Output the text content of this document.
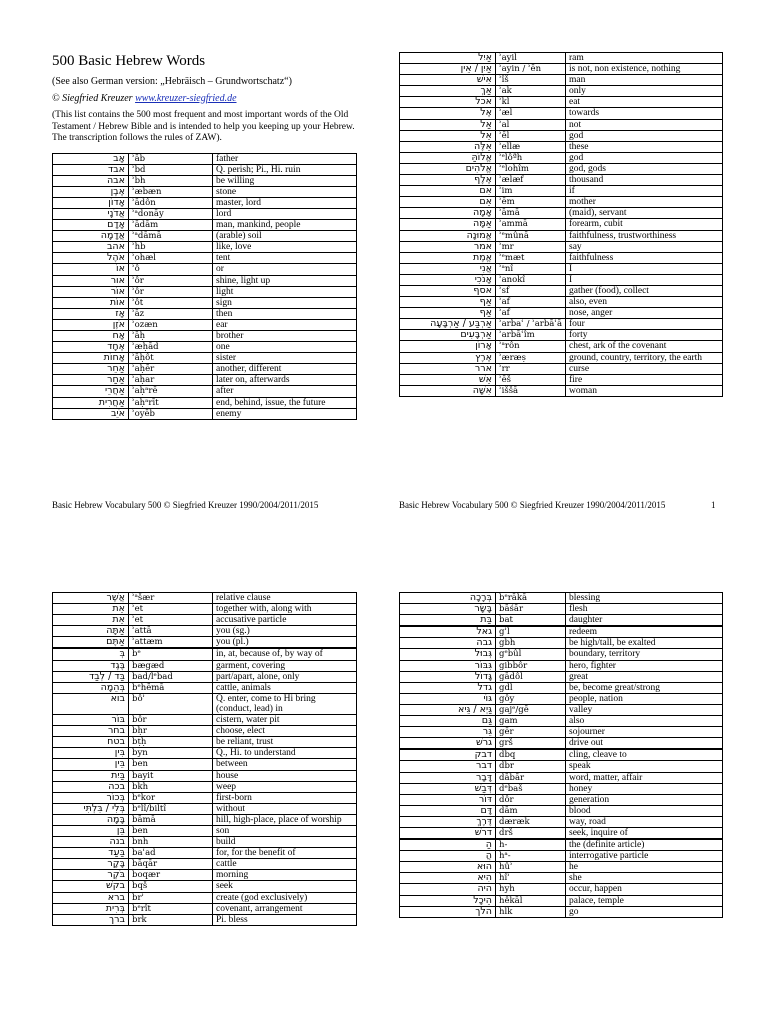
500 Basic Hebrew Words
(See also German version: „Hebräisch – Grundwortschatz“)
© Siegfried Kreuzer www.kreuzer-siegfried.de
(This list contains the 500 most frequent and most important words of the Old Testament / Hebrew Bible and is intended to help you keeping up your Hebrew. The transcription follows the rules of ZAW).
אָב	ʾāb	father
אבד	ʾbd	Q. perish; Pi., Hi. ruin
אבה	ʾbh	be willing
אֶבֶן	ʾæbæn	stone
אָדוֹן	ʾādôn	master, lord
אֲדֹנָי	ʾᵃdonāy	lord
אָדָם	ʾādām	man, mankind, people
אֲדָמָה	ʾᵃdāmā	(arable) soil
אהב	ʾhb	like, love
אֹהֶל	ʾohæl	tent
אוֹ	ʾô	or
אור	ʾôr	shine, light up
אוֹר	ʾôr	light
אוֹת	ʾôt	sign
אָז	ʾāz	then
אֹזֶן	ʾozæn	ear
אָח	ʾāḥ	brother
אֶחָד	ʾæḥād	one
אָחוֹת	ʾāḥôt	sister
אַחֵר	ʾaḥēr	another, different
אַחַר	ʾaḥar	later on, afterwards
אַחֲרֵי	ʾaḥᵃrē	after
אַחֲרִית	ʾaḥᵃrīt	end, behind, issue, the future
אֹיֵב	ʾoyēb	enemy
אַיִל	ʾayil	ram
אַיִן / אֵין	ʾayin / ʾēn	is not, non existence, nothing
אִישׁ	ʾîš	man
אַךְ	ʾak	only
אכל	ʾkl	eat
אֶל	ʾæl	towards
אַל	ʾal	not
אֵל	ʾēl	god
אֵלֶּה	ʾellæ	these
אֱלוֹהַּ	ʾᵉlôªh	god
אֱלֹהִים	ʾᵉlohîm	god, gods
אֶלֶף	ʾælæf	thousand
אִם	ʾim	if
אֵם	ʾēm	mother
אָמָה	ʾāmā	(maid), servant
אַמָּה	ʾammā	forearm, cubit
אֱמוּנָה	ʾᵉmûnā	faithfulness, trustworthiness
אמר	ʾmr	say
אֱמֶת	ʾᵉmæt	faithfulness
אֲנִי	ʾᵃnî	I
אָנֹכִי	ʾanokî	I
אסף	ʾsf	gather (food), collect
אַף	ʾaf	also, even
אַף	ʾaf	nose, anger
אַרְבַּע / אַרְבָּעָה	ʾarbaʿ / ʾarbāʿā	four
אַרְבָּעִים	ʾarbāʿîm	forty
אָרוֹן	ʾᵃrôn	chest, ark of the covenant
אֶרֶץ	ʾæræṣ	ground, country, territory, the earth
ארר	ʾrr	curse
אֵשׁ	ʾēš	fire
אִשָּׁה	ʾiššā	woman
Basic Hebrew Vocabulary 500 © Siegfried Kreuzer 1990/2004/2011/2015	Basic Hebrew Vocabulary 500 © Siegfried Kreuzer 1990/2004/2011/2015	1
אֲשֶׁר	ʾᵃšær	relative clause
אֵת	ʾet	together with, along with
אֵת	ʾet	accusative particle
אַתָּה	ʾattā	you (sg.)
אַתֶּם	ʾattæm	you (pl.)

בְּ	bᵉ	in, at, because of, by way of
בֶּגֶד	bægæd	garment, covering
בַּד / לְבַד	bad/lᵉbad	part/apart, alone, only
בְּהֵמָה	bᵉhēmā	cattle, animals
בוא	bôʾ	Q. enter, come to Hi bring (conduct, lead) in
בּוֹר	bôr	cistern, water pit
בחר	bḥr	choose, elect
בטח	bṭḥ	be reliant, trust
בִּין	byn	Q., Hi. to understand
בֵּין	ben	between
בַּיִת	bayit	house
בכה	bkh	weep
בְּכוֹר	bᵉkor	first-born
בְּלִי / בִּלְתִּי	bᵉlî/biltî	without
בָּמָה	bāmā	hill, high-place, place of worship
בֵּן	ben	son
בנה	bnh	build
בַּעַד	baʿad	for, for the benefit of
בָּקָר	bāqār	cattle
בֹּקֶר	boqær	morning
בקשׁ	bqš	seek
ברא	brʾ	create (god exclusively)
בְּרִית	bᵉrît	covenant, arrangement
ברך	brk	Pi. bless
בְּרָכָה	bᵉrākā	blessing
בָּשָׂר	bāśār	flesh
בַּת	bat	daughter

גאל	gʾl	redeem
גבה	gbh	be high/tall, be exalted
גְּבוּל	gᵉbûl	boundary, territory
גִּבּוֹר	gibbôr	hero, fighter
גָּדוֹל	gādôl	great
גדל	gdl	be, become great/strong
גּוֹי	gôy	people, nation
גַּיְא / גֵּיא	gajᵉ/gē	valley
גַּם	gam	also
גֵּר	gēr	sojourner
גרשׁ	grš	drive out

דבק	dbq	cling, cleave to
דבר	dbr	speak
דָּבָר	dābār	word, matter, affair
דְּבַשׁ	dᵉbaš	honey
דּוֹר	dôr	generation
דָּם	dām	blood
דֶּרֶךְ	dæræk	way, road
דרשׁ	drš	seek, inquire of

הַ	h-	the (definite article)
הֲ	hᵃ-	interrogative particle
הוּא	hûʾ	he
הִיא	hîʾ	she
היה	hyh	occur, happen
הֵיכָל	hêkāl	palace, temple
הלך	hlk	go
